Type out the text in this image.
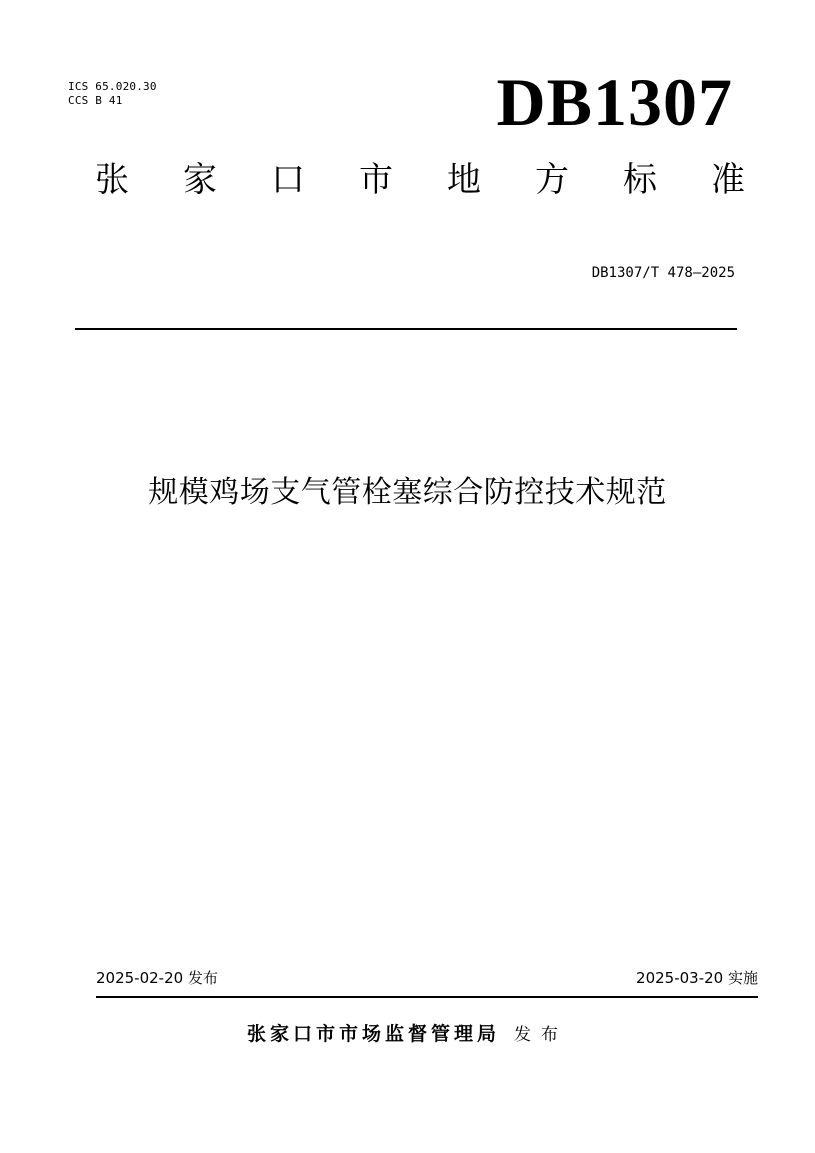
ICS 65.020.30
CCS B 41	DB1307
张 家 口 市 地 方 标 准
DB1307/T 478—2025
规模鸡场支气管栓塞综合防控技术规范
2025-02-20 发布	2025-03-20 实施
张家口市市场监督管理局 发布
